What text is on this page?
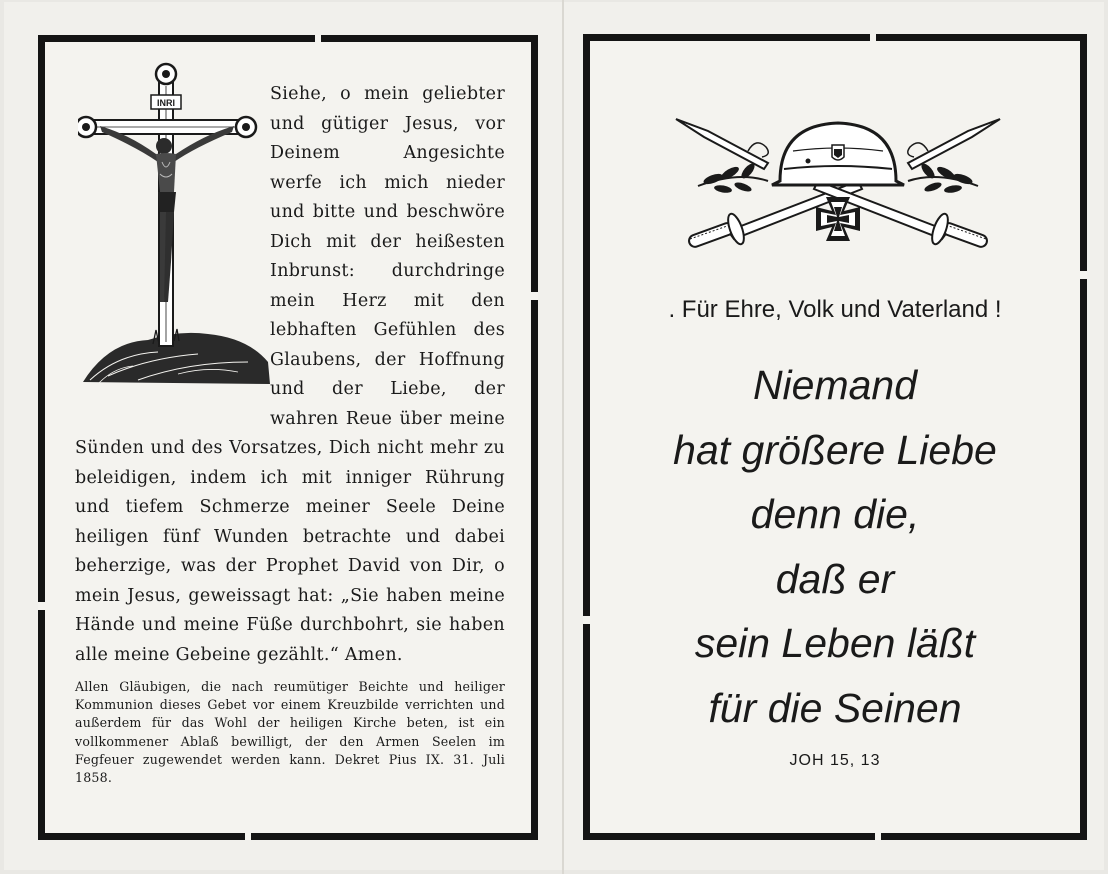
INRI	Siehe, o mein geliebter und gütiger Jesus, vor Deinem Angesichte werfe ich mich nieder und bitte und beschwöre Dich mit der heißesten Inbrunst: durchdringe mein Herz mit den lebhaften Gefühlen des Glaubens, der Hoffnung und der Liebe, der wahren Reue über meine Sünden und des Vorsatzes, Dich nicht mehr zu beleidigen, indem ich mit inniger Rührung und tiefem Schmerze meiner Seele Deine heiligen fünf Wunden betrachte und dabei beherzige, was der Prophet David von Dir, o mein Jesus, geweissagt hat: „Sie haben meine Hände und meine Füße durchbohrt, sie haben alle meine Gebeine gezählt.“ Amen.
Allen Gläubigen, die nach reumütiger Beichte und heiliger Kommunion dieses Gebet vor einem Kreuzbilde verrichten und außerdem für das Wohl der heiligen Kirche beten, ist ein vollkommener Ablaß bewilligt, der den Armen Seelen im Fegfeuer zugewendet werden kann. Dekret Pius IX. 31. Juli 1858.
. Für Ehre, Volk und Vaterland !
Niemand
hat größere Liebe
denn die,
daß er
sein Leben läßt
für die Seinen
JOH 15, 13
